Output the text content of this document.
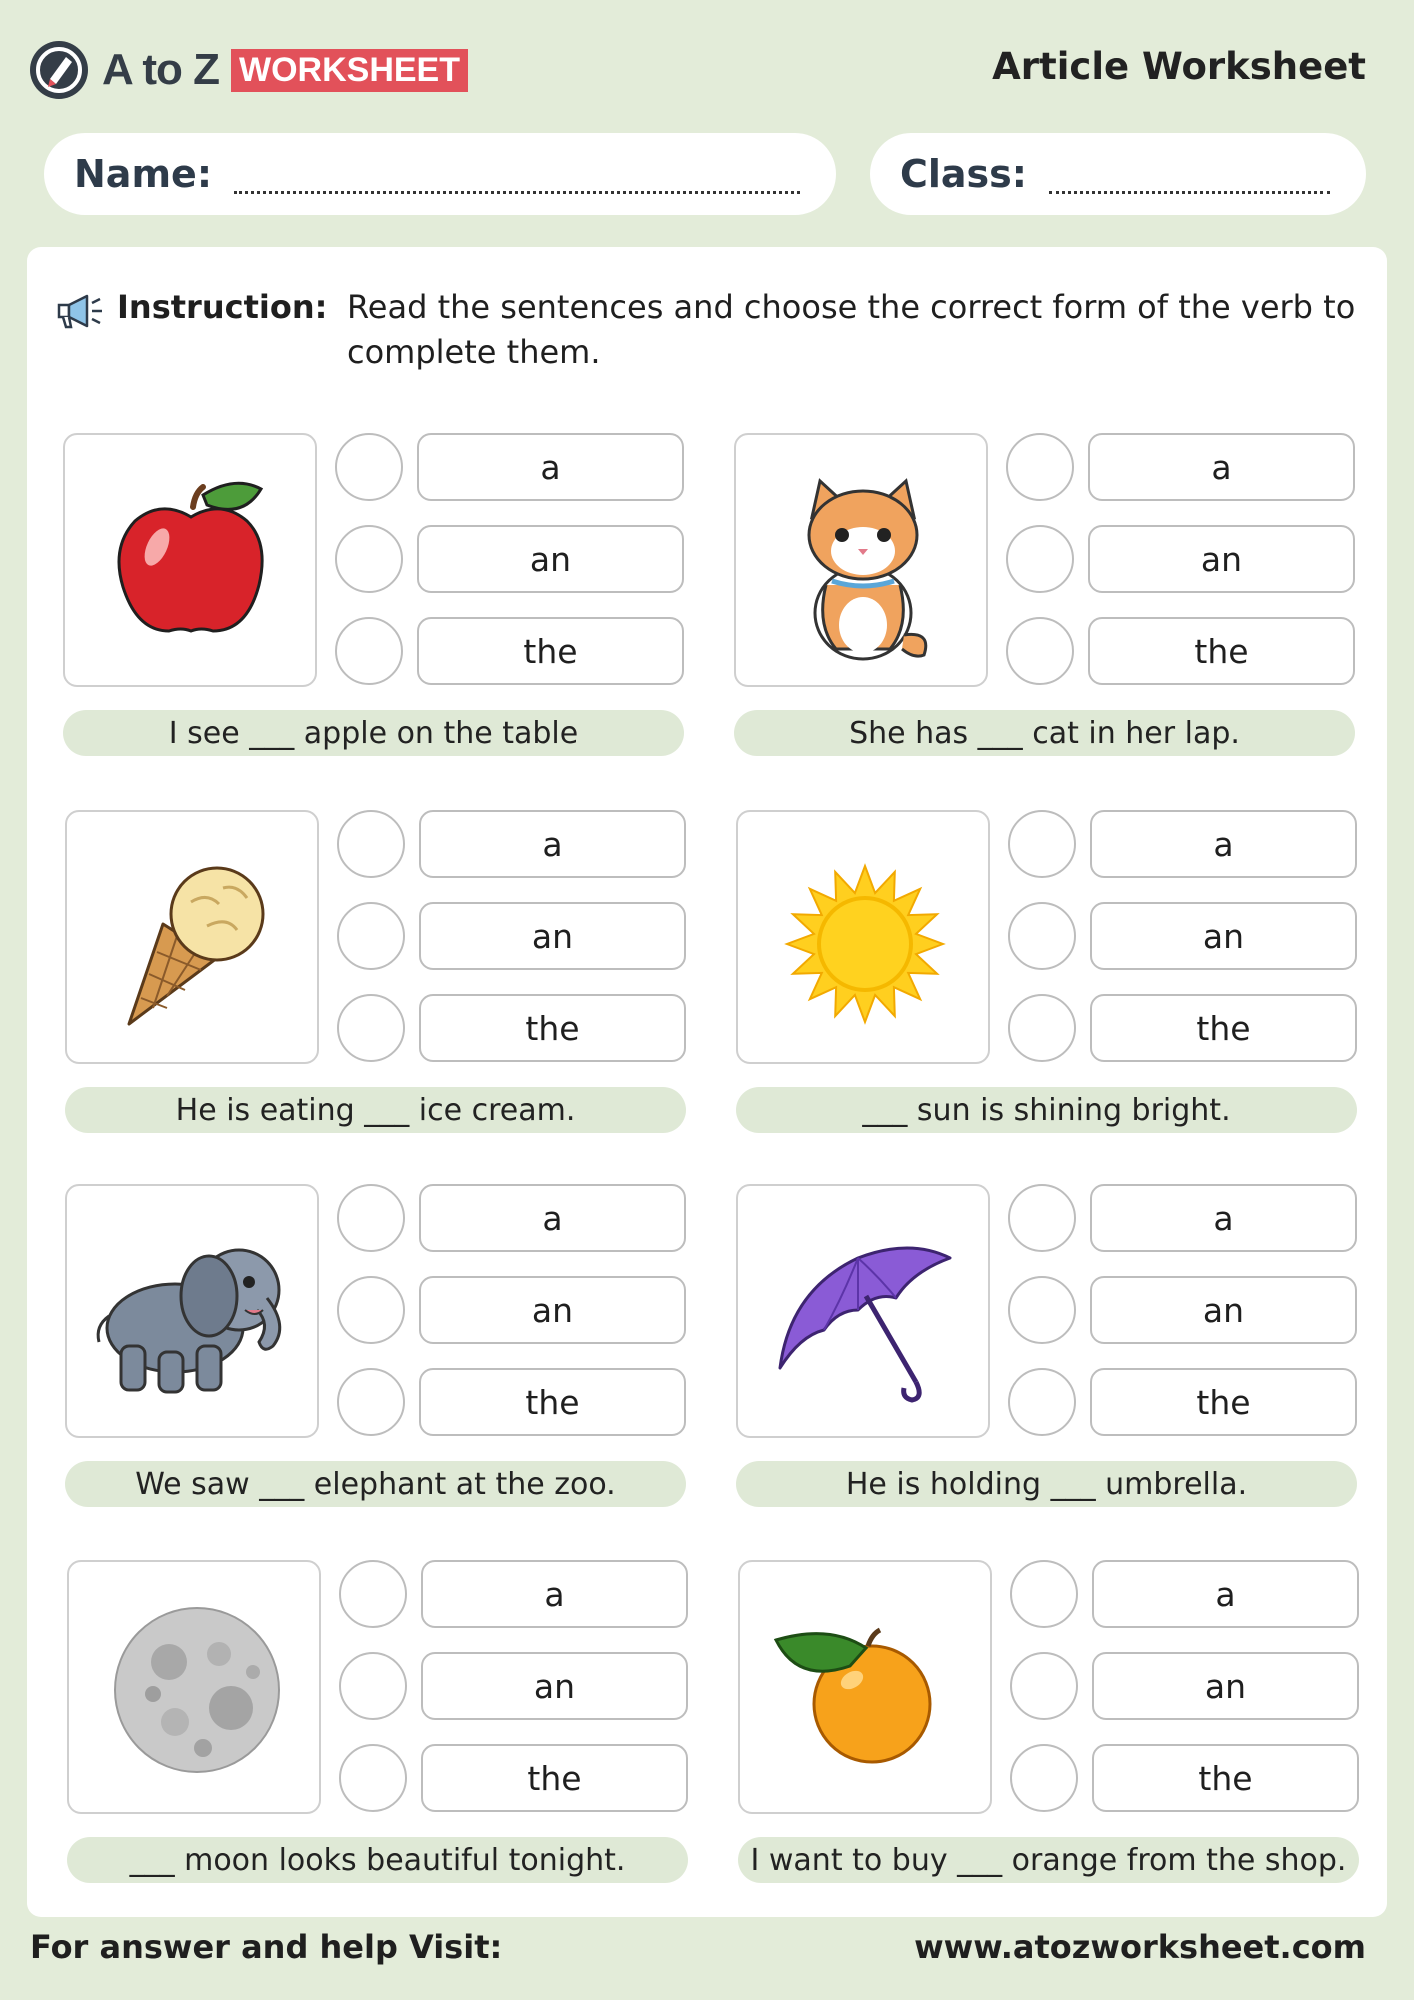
A to Z WORKSHEET	Article Worksheet
Name:	Class:
Instruction: Read the sentences and choose the correct form of the verb to complete them.
a
an
the
I see ___ apple on the table
a
an
the
She has ___ cat in her lap.
a
an
the
He is eating ___ ice cream.
a
an
the
___ sun is shining bright.
a
an
the
We saw ___ elephant at the zoo.
a
an
the
He is holding ___ umbrella.
a
an
the
___ moon looks beautiful tonight.
a
an
the
I want to buy ___ orange from the shop.
For answer and help Visit:	www.atozworksheet.com
